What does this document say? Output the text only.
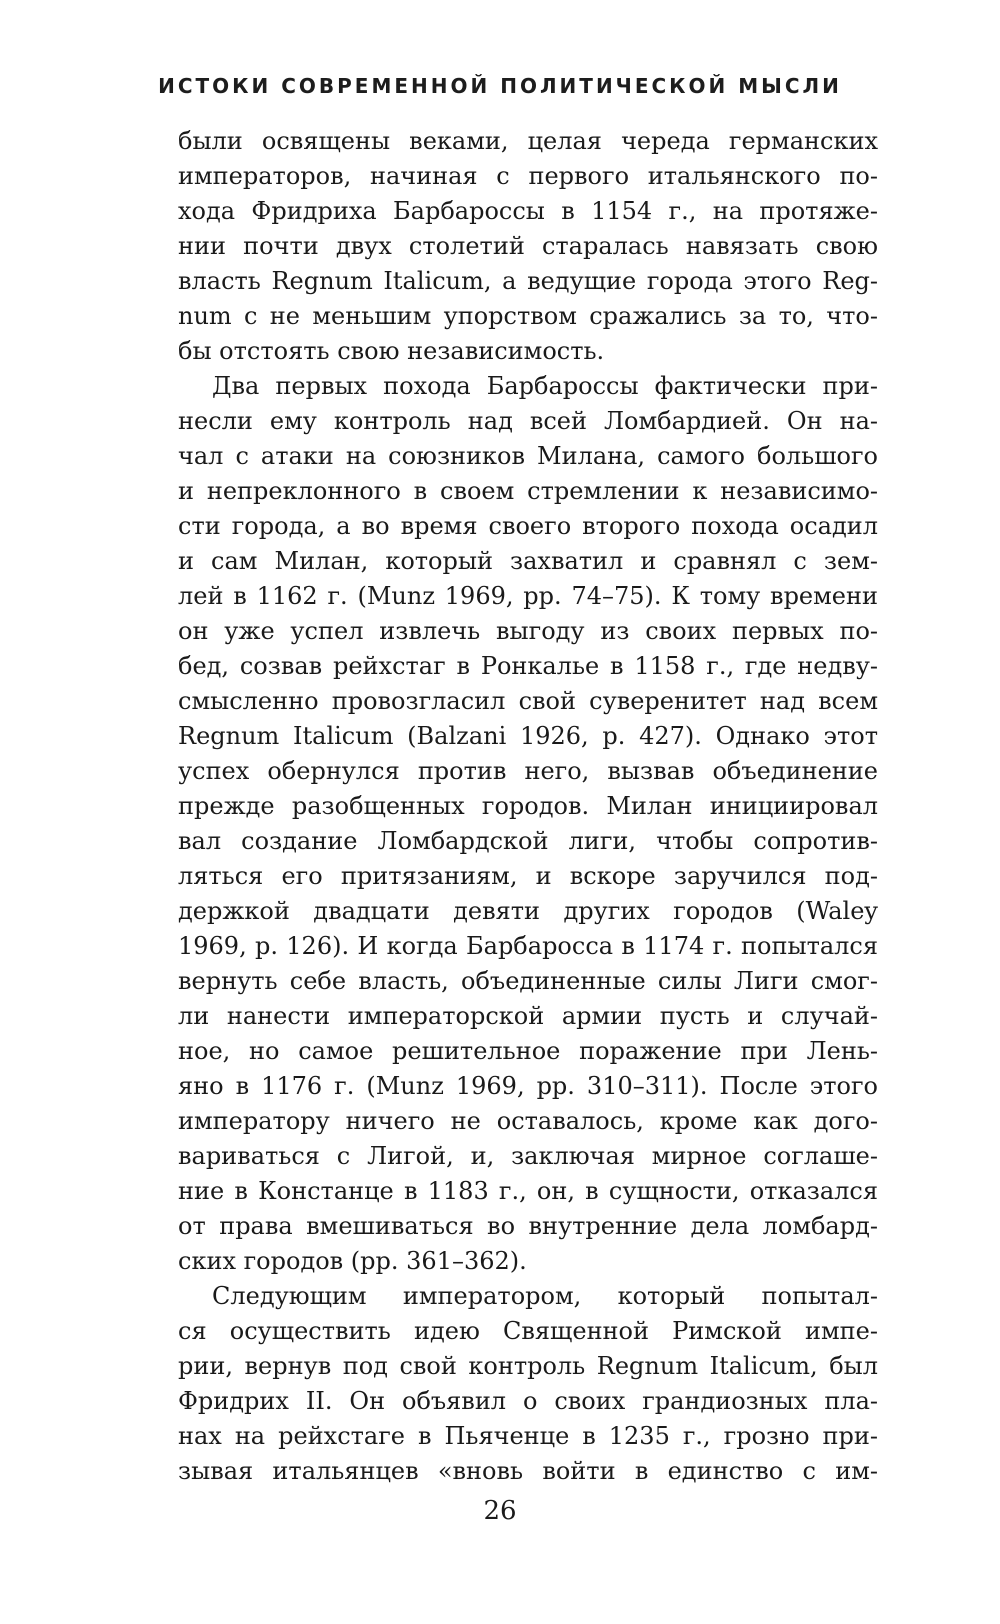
ИСТОКИ СОВРЕМЕННОЙ ПОЛИТИЧЕСКОЙ МЫСЛИ
были освящены веками, целая череда германских
императоров, начиная с первого итальянского по-
хода Фридриха Барбароссы в 1154 г., на протяже-
нии почти двух столетий старалась навязать свою
власть Regnum Italicum, а ведущие города этого Reg-
num с не меньшим упорством сражались за то, что-
бы отстоять свою независимость.
Два первых похода Барбароссы фактически при-
несли ему контроль над всей Ломбардией. Он на-
чал с атаки на союзников Милана, самого большого
и непреклонного в своем стремлении к независимо-
сти города, а во время своего второго похода осадил
и сам Милан, который захватил и сравнял с зем-
лей в 1162 г. (Munz 1969, pp. 74–75). К тому времени
он уже успел извлечь выгоду из своих первых по-
бед, созвав рейхстаг в Ронкалье в 1158 г., где недву-
смысленно провозгласил свой суверенитет над всем
Regnum Italicum (Balzani 1926, p. 427). Однако этот
успех обернулся против него, вызвав объединение
прежде разобщенных городов. Милан инициировал
вал создание Ломбардской лиги, чтобы сопротив-
ляться его притязаниям, и вскоре заручился под-
держкой двадцати девяти других городов (Waley
1969, p. 126). И когда Барбаросса в 1174 г. попытался
вернуть себе власть, объединенные силы Лиги смог-
ли нанести императорской армии пусть и случай-
ное, но самое решительное поражение при Лень-
яно в 1176 г. (Munz 1969, pp. 310–311). После этого
императору ничего не оставалось, кроме как дого-
вариваться с Лигой, и, заключая мирное соглаше-
ние в Констанце в 1183 г., он, в сущности, отказался
от права вмешиваться во внутренние дела ломбард-
ских городов (pp. 361–362).
Следующим императором, который попытал-
ся осуществить идею Священной Римской импе-
рии, вернув под свой контроль Regnum Italicum, был
Фридрих II. Он объявил о своих грандиозных пла-
нах на рейхстаге в Пьяченце в 1235 г., грозно при-
зывая итальянцев «вновь войти в единство с им-
26
